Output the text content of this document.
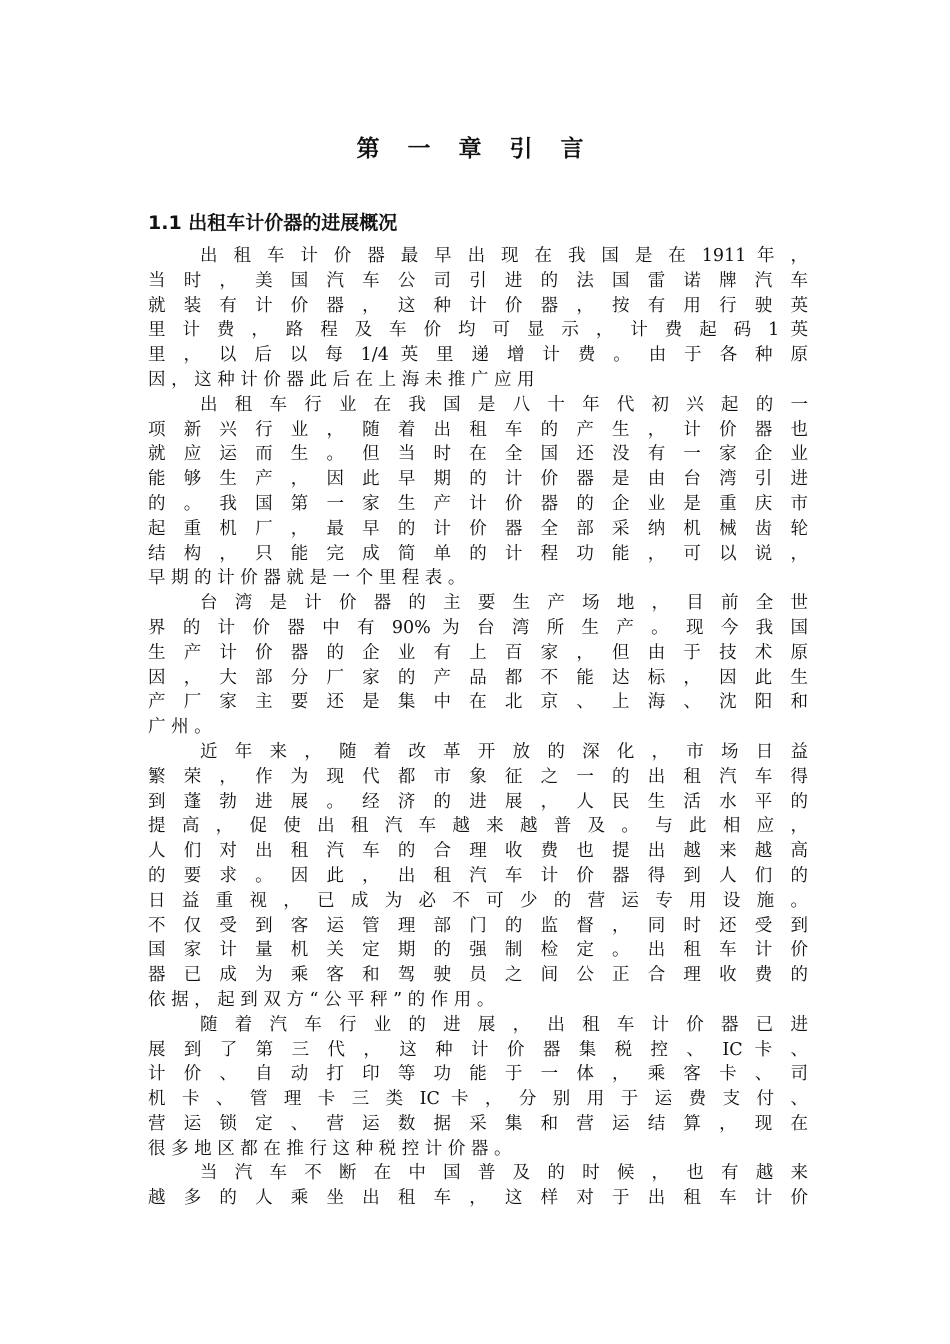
第 一 章 引 言
1.1 出租车计价器的进展概况
出 租 车 计 价 器 最 早 出 现 在 我 国 是 在 1911 年 ，
当 时 ， 美 国 汽 车 公 司 引 进 的 法 国 雷 诺 牌 汽 车
就 装 有 计 价 器 ， 这 种 计 价 器 ， 按 有 用 行 驶 英
里 计 费 ， 路 程 及 车 价 均 可 显 示 ， 计 费 起 码 1 英
里 ， 以 后 以 每 1/4 英 里 递 增 计 费 。 由 于 各 种 原
因 ， 这 种 计 价 器 此 后 在 上 海 未 推 广 应 用
出 租 车 行 业 在 我 国 是 八 十 年 代 初 兴 起 的 一
项 新 兴 行 业 ， 随 着 出 租 车 的 产 生 ， 计 价 器 也
就 应 运 而 生 。 但 当 时 在 全 国 还 没 有 一 家 企 业
能 够 生 产 ， 因 此 早 期 的 计 价 器 是 由 台 湾 引 进
的 。 我 国 第 一 家 生 产 计 价 器 的 企 业 是 重 庆 市
起 重 机 厂 ， 最 早 的 计 价 器 全 部 采 纳 机 械 齿 轮
结 构 ， 只 能 完 成 简 单 的 计 程 功 能 ， 可 以 说 ，
早 期 的 计 价 器 就 是 一 个 里 程 表 。
台 湾 是 计 价 器 的 主 要 生 产 场 地 ， 目 前 全 世
界 的 计 价 器 中 有 90% 为 台 湾 所 生 产 。 现 今 我 国
生 产 计 价 器 的 企 业 有 上 百 家 ， 但 由 于 技 术 原
因 ， 大 部 分 厂 家 的 产 品 都 不 能 达 标 ， 因 此 生
产 厂 家 主 要 还 是 集 中 在 北 京 、 上 海 、 沈 阳 和
广 州 。
近 年 来 ， 随 着 改 革 开 放 的 深 化 ， 市 场 日 益
繁 荣 ， 作 为 现 代 都 市 象 征 之 一 的 出 租 汽 车 得
到 蓬 勃 进 展 。 经 济 的 进 展 ， 人 民 生 活 水 平 的
提 高 ， 促 使 出 租 汽 车 越 来 越 普 及 。 与 此 相 应 ，
人 们 对 出 租 汽 车 的 合 理 收 费 也 提 出 越 来 越 高
的 要 求 。 因 此 ， 出 租 汽 车 计 价 器 得 到 人 们 的
日 益 重 视 ， 已 成 为 必 不 可 少 的 营 运 专 用 设 施 。
不 仅 受 到 客 运 管 理 部 门 的 监 督 ， 同 时 还 受 到
国 家 计 量 机 关 定 期 的 强 制 检 定 。 出 租 车 计 价
器 已 成 为 乘 客 和 驾 驶 员 之 间 公 正 合 理 收 费 的
依 据 ， 起 到 双 方 “ 公 平 秤 ” 的 作 用 。
随 着 汽 车 行 业 的 进 展 ， 出 租 车 计 价 器 已 进
展 到 了 第 三 代 ， 这 种 计 价 器 集 税 控 、 IC 卡 、
计 价 、 自 动 打 印 等 功 能 于 一 体 ， 乘 客 卡 、 司
机 卡 、 管 理 卡 三 类 IC 卡 ， 分 别 用 于 运 费 支 付 、
营 运 锁 定 、 营 运 数 据 采 集 和 营 运 结 算 ， 现 在
很 多 地 区 都 在 推 行 这 种 税 控 计 价 器 。
当 汽 车 不 断 在 中 国 普 及 的 时 候 ， 也 有 越 来
越 多 的 人 乘 坐 出 租 车 ， 这 样 对 于 出 租 车 计 价
